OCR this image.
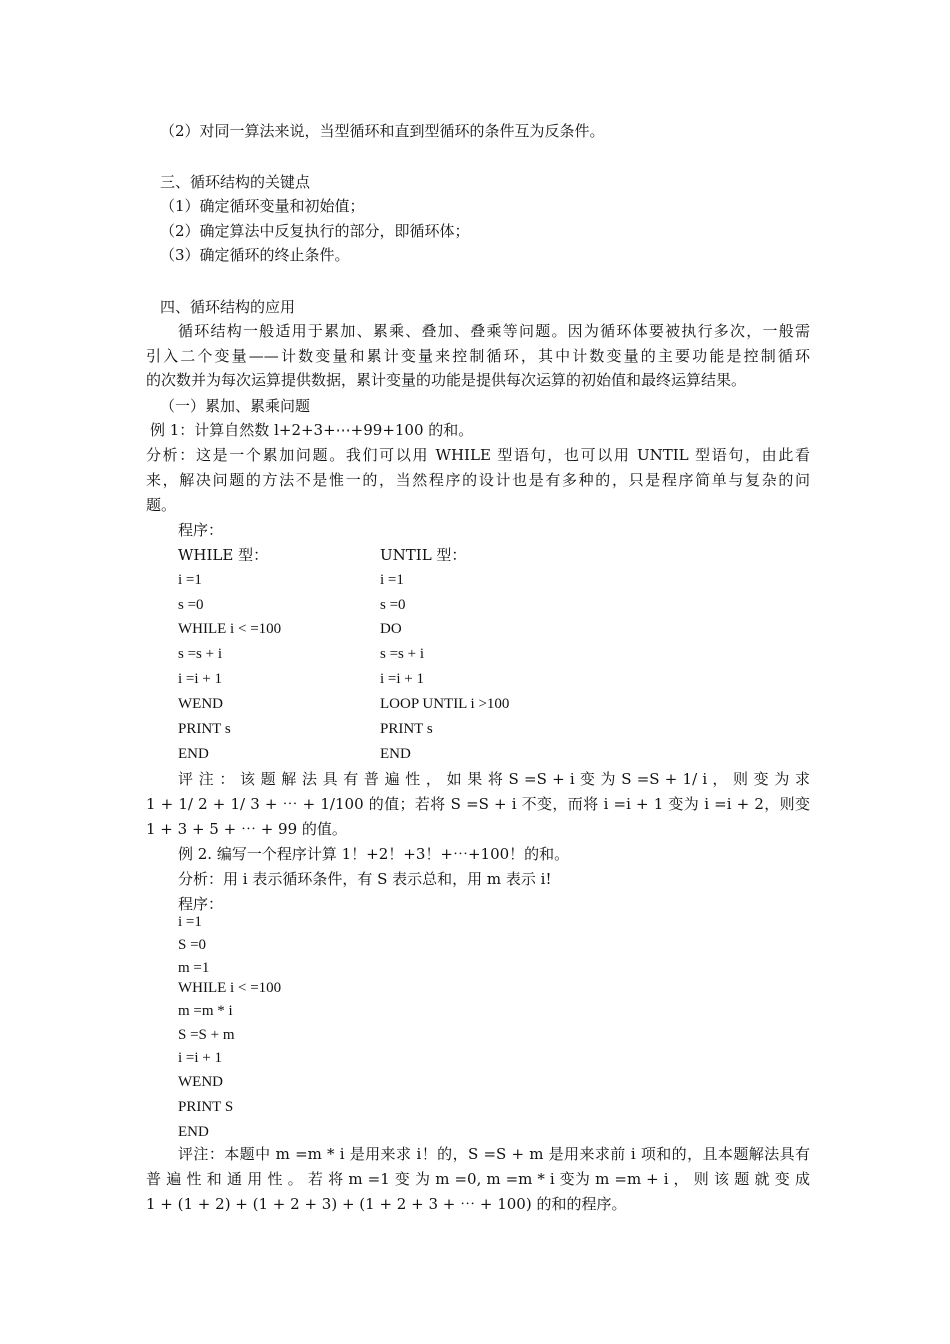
（2）对同一算法来说，当型循环和直到型循环的条件互为反条件。
三、循环结构的关键点
（1）确定循环变量和初始值；
（2）确定算法中反复执行的部分，即循环体；
（3）确定循环的终止条件。
四、循环结构的应用
循环结构一般适用于累加、累乘、叠加、叠乘等问题。因为循环体要被执行多次，一般需
引入二个变量——计数变量和累计变量来控制循环，其中计数变量的主要功能是控制循环
的次数并为每次运算提供数据，累计变量的功能是提供每次运算的初始值和最终运算结果。
（一）累加、累乘问题
例 1：计算自然数 l+2+3+⋯+99+100 的和。
分析：这是一个累加问题。我们可以用 WHILE 型语句，也可以用 UNTIL 型语句，由此看
来，解决问题的方法不是惟一的，当然程序的设计也是有多种的，只是程序简单与复杂的问
题。
程序：
WHILE 型：
i =1
s =0
WHILE i < =100
s =s + i
i =i + 1
WEND
PRINT s
END
UNTIL 型：
i =1
s =0
DO
s =s + i
i =i + 1
LOOP UNTIL i >100
PRINT s
END
评 注 ： 该 题 解 法 具 有 普 遍 性 ， 如 果 将 S =S + i 变 为 S =S + 1/ i ， 则 变 为 求
1 + 1/ 2 + 1/ 3 + ⋯ + 1/100 的值；若将 S =S + i 不变，而将 i =i + 1 变为 i =i + 2，则变
1 + 3 + 5 + ⋯ + 99 的值。
例 2. 编写一个程序计算 1！+2！+3！+⋯+100！的和。
分析：用 i 表示循环条件，有 S 表示总和，用 m 表示 i!
程序：
i =1
S =0
m =1
WHILE i < =100
m =m * i
S =S + m
i =i + 1
WEND
PRINT S
END
评注：本题中 m =m * i 是用来求 i！的，S =S + m 是用来求前 i 项和的，且本题解法具有
普 遍 性 和 通 用 性 。 若 将 m =1 变 为 m =0, m =m * i 变为 m =m + i ， 则 该 题 就 变 成
1 + (1 + 2) + (1 + 2 + 3) + (1 + 2 + 3 + ⋯ + 100) 的和的程序。
